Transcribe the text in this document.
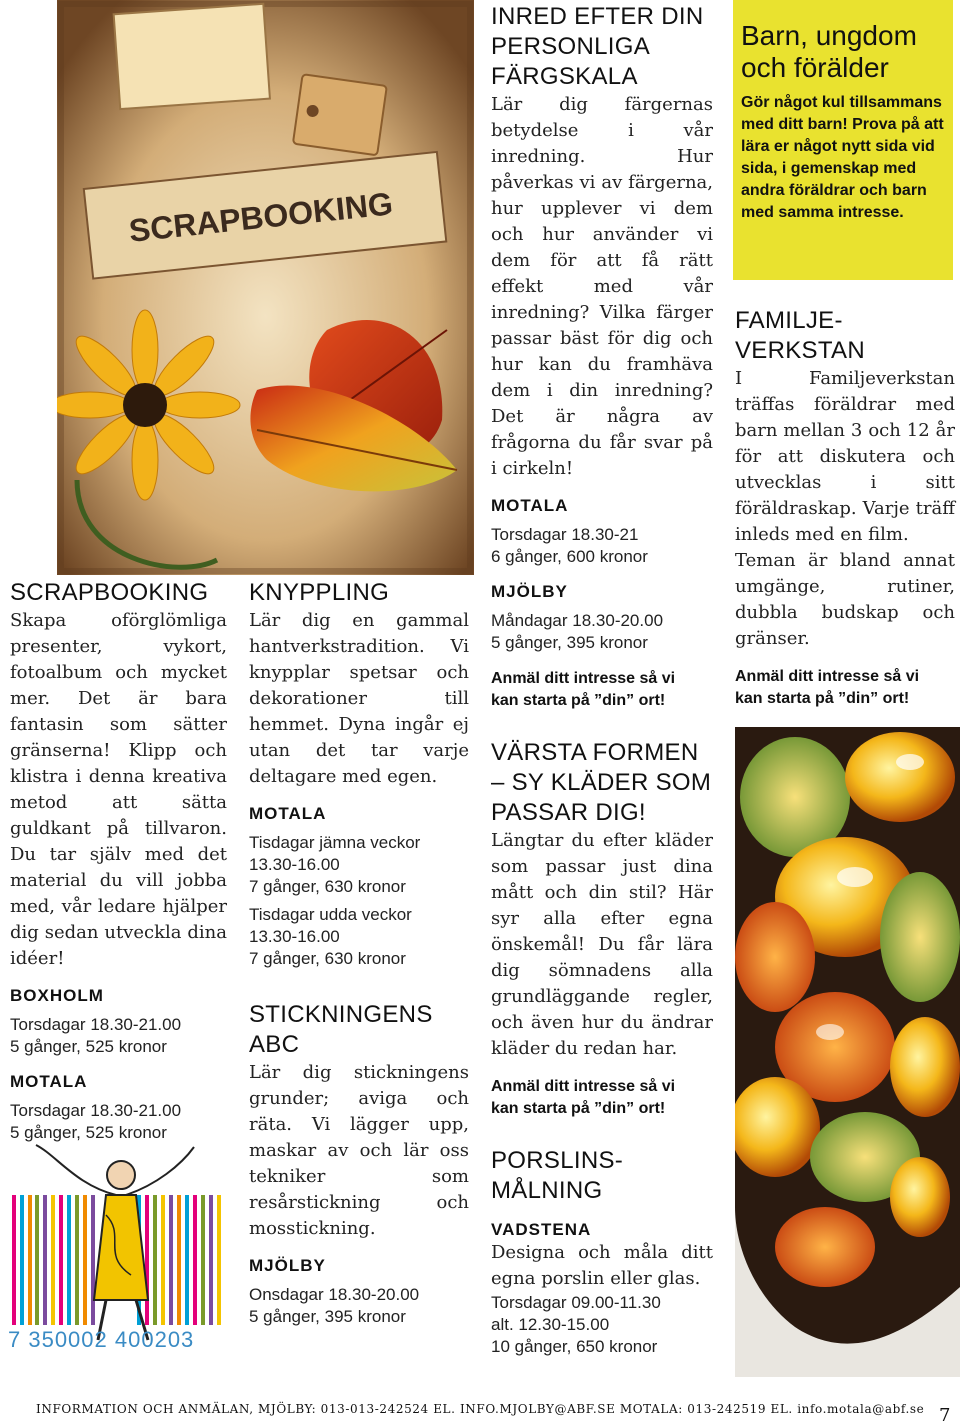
SCRAPBOOKING

SCRAPBOOKING

Skapa oförglömliga presenter, vykort, fotoalbum och mycket mer. Det är bara fantasin som sätter gränserna! Klipp och klistra i denna kreativa metod att sätta guldkant på tillvaron. Du tar själv med det material du vill jobba med, vår ledare hjälper dig sedan utveckla dina idéer!

BOXHOLM

Torsdagar 18.30-21.00

5 gånger, 525 kronor

MOTALA

Torsdagar 18.30-21.00

5 gånger, 525 kronor

7 350002 400203

KNYPPLING

Lär dig en gammal hantverkstradition. Vi knypplar spetsar och dekorationer till hemmet. Dyna ingår ej utan det tar varje deltagare med egen.

MOTALA

Tisdagar jämna veckor

13.30-16.00

7 gånger, 630 kronor

Tisdagar udda veckor

13.30-16.00

7 gånger, 630 kronor

STICKNINGENS

ABC

Lär dig stickningens grunder; aviga och räta. Vi lägger upp, maskar av och lär oss tekniker som resårstickning och mosstickning.

MJÖLBY

Onsdagar 18.30-20.00

5 gånger, 395 kronor

INRED EFTER DIN

PERSONLIGA

FÄRGSKALA

Lär dig färgernas betydelse i vår inredning. Hur påverkas vi av färgerna, hur upplever vi dem och hur använder vi dem för att få rätt effekt med vår inredning? Vilka färger passar bäst för dig och hur kan du framhäva dem i din inredning? Det är några av frågorna du får svar på i cirkeln!

MOTALA

Torsdagar 18.30-21

6 gånger, 600 kronor

MJÖLBY

Måndagar 18.30-20.00

5 gånger, 395 kronor

Anmäl ditt intresse så vi

kan starta på ”din” ort!

VÄRSTA FORMEN

– SY KLÄDER SOM

PASSAR DIG!

Längtar du efter kläder som passar just dina mått och din stil? Här syr alla efter egna önskemål! Du får lära dig sömnadens alla grundläggande regler, och även hur du ändrar kläder du redan har.

Anmäl ditt intresse så vi

kan starta på ”din” ort!

PORSLINS-

MÅLNING

VADSTENA

Designa och måla ditt egna porslin eller glas.

Torsdagar 09.00-11.30

alt. 12.30-15.00

10 gånger, 650 kronor

Barn, ungdom

och förälder

Gör något kul tillsammans med ditt barn! Prova på att lära er något nytt sida vid sida, i gemenskap med andra föräldrar och barn med samma intresse.

FAMILJE-

VERKSTAN

I Familjeverkstan träffas föräldrar med barn mellan 3 och 12 år för att diskutera och utvecklas i sitt föräldraskap. Varje träff inleds med en film.

Teman är bland annat umgänge, rutiner, dubbla budskap och gränser.

Anmäl ditt intresse så vi

kan starta på ”din” ort!

INFORMATION OCH ANMÄLAN, MJÖLBY: 013-013-242524 EL. INFO.MJOLBY@ABF.SE MOTALA: 013-242519 EL. info.motala@abf.se 7
